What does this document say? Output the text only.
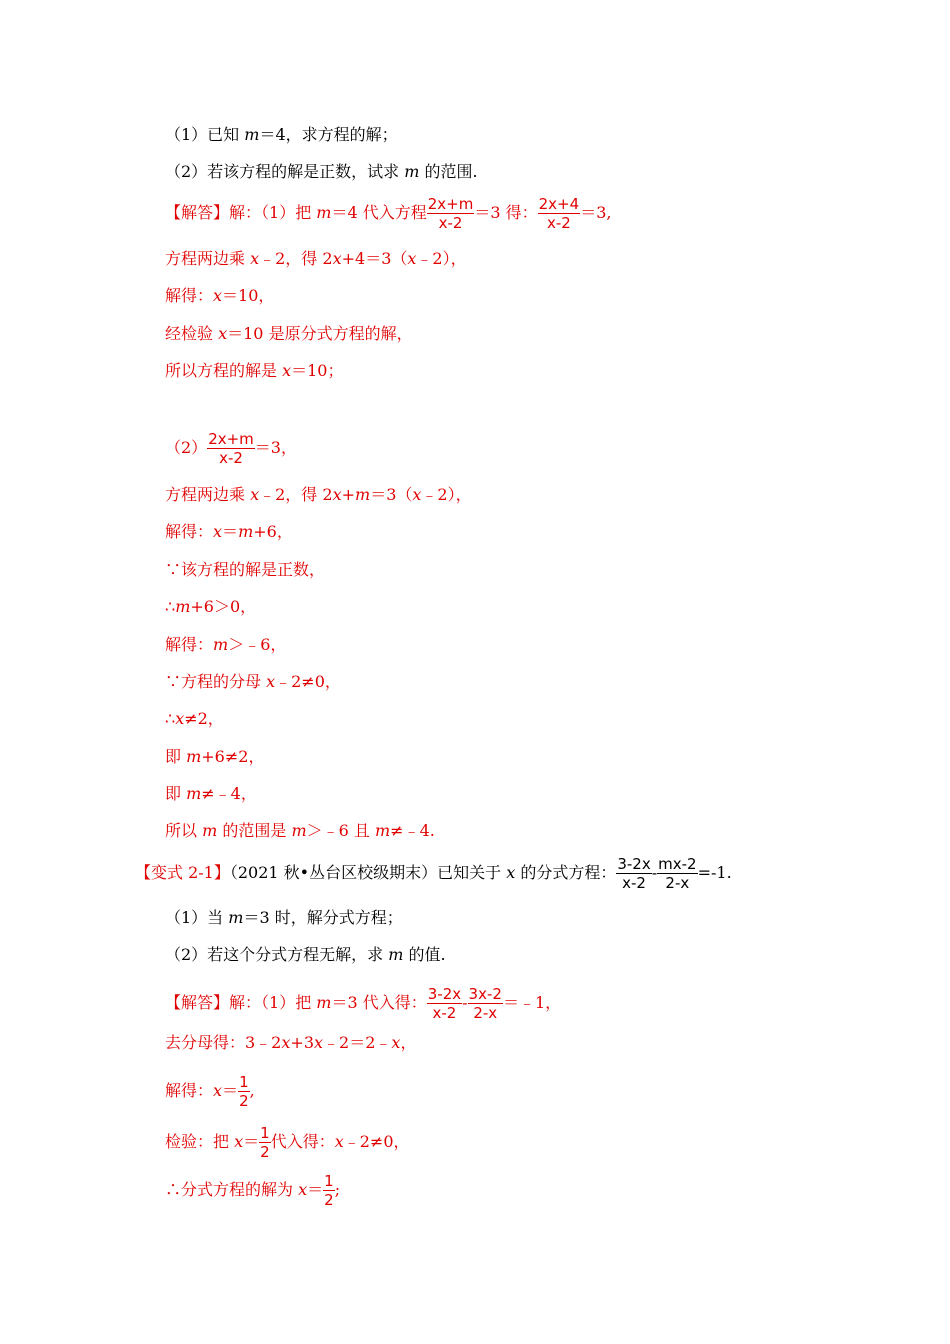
（1）已知 m＝4，求方程的解；
（2）若该方程的解是正数，试求 m 的范围.
【解答】解：（1）把 m＝4 代入方程 $\frac{2x+m}{x-2} =3$ 得： $\frac{2x+4}{x-2} =3$,
方程两边乘 x﹣2，得 2x+4＝3（x﹣2），
解得：x＝10，
经检验 x＝10 是原分式方程的解，
所以方程的解是 x＝10；
$(2) \frac{2x+m}{x-2} =3$，
方程两边乘 x﹣2，得 2x+m＝3（x﹣2），
解得：x＝m+6，
∵该方程的解是正数，
∴m+6＞0，
解得：m＞﹣6，
∵方程的分母 x﹣2≠0，
∴x≠2，
即 m+6≠2，
即 m≠﹣4，
所以 m 的范围是 m＞﹣6 且 m≠﹣4.
【变式 2-1】（2021 秋•丛台区校级期末）已知关于 x 的分式方程： $\frac{3-2x}{x-2} - \frac{mx-2}{2-x} =-1$.
（1）当 m＝3 时，解分式方程；
（2）若这个分式方程无解，求 m 的值.
【解答】解：（1）把 m＝3 代入得： $\frac{3-2x}{x-2} - \frac{3x-2}{2-x}$ ＝﹣1，
去分母得：3﹣2x+3x﹣2＝2﹣x，
解得：$x= \frac{1}{2}$ ,
检验：把 $x= \frac{1}{2}$ 代入得：x﹣2≠0，
∴分式方程的解为 $x= \frac{1}{2}$ ;
